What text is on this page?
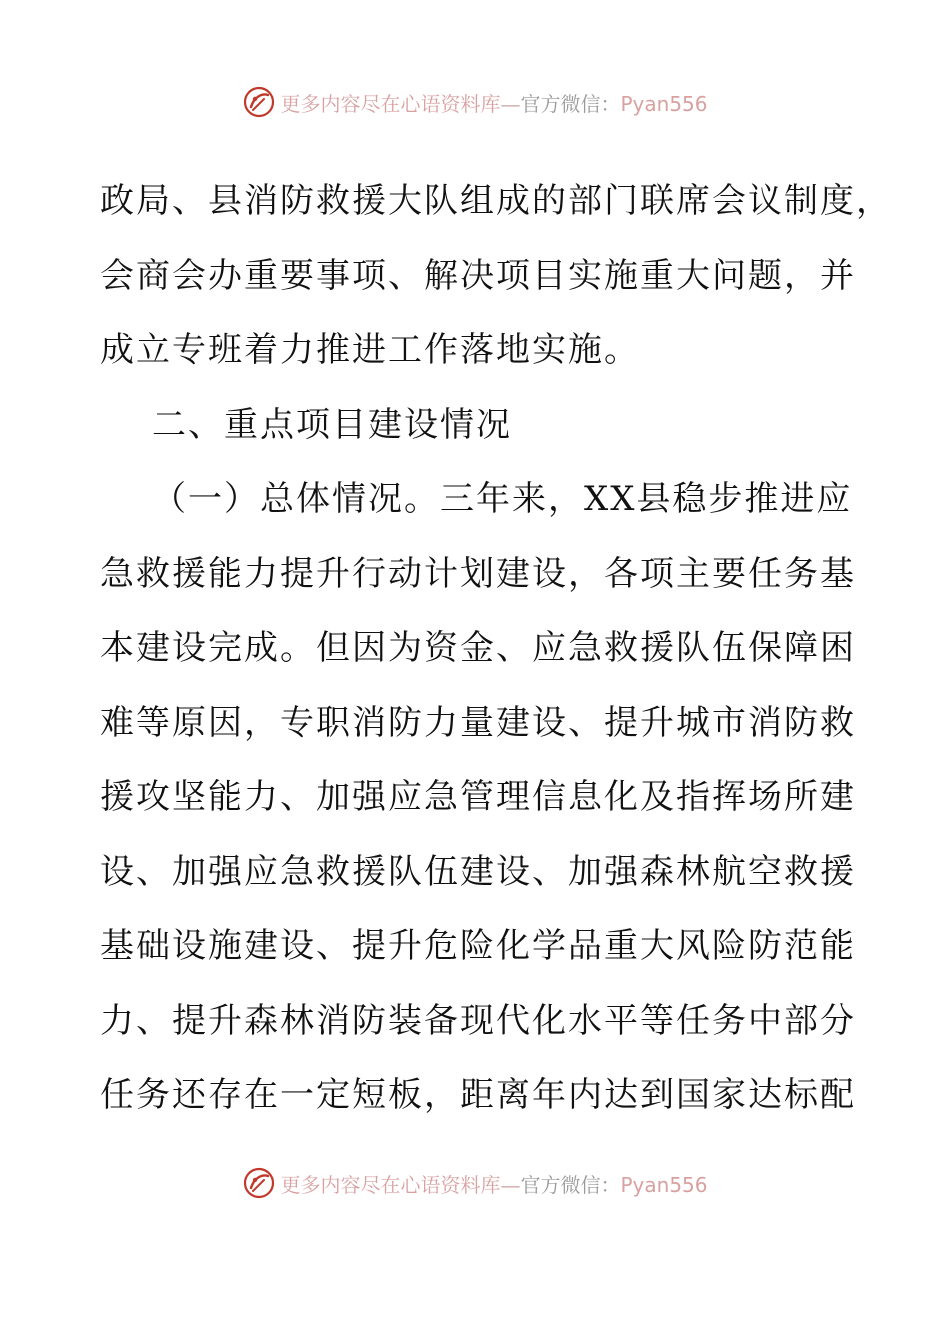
更多内容尽在心语资料库—官方微信：Pyan556
政局、县消防救援大队组成的部门联席会议制度，
会商会办重要事项、解决项目实施重大问题，并
成立专班着力推进工作落地实施。
二、重点项目建设情况
（一）总体情况。三年来，XX县稳步推进应
急救援能力提升行动计划建设，各项主要任务基
本建设完成。但因为资金、应急救援队伍保障困
难等原因，专职消防力量建设、提升城市消防救
援攻坚能力、加强应急管理信息化及指挥场所建
设、加强应急救援队伍建设、加强森林航空救援
基础设施建设、提升危险化学品重大风险防范能
力、提升森林消防装备现代化水平等任务中部分
任务还存在一定短板，距离年内达到国家达标配
更多内容尽在心语资料库—官方微信：Pyan556
